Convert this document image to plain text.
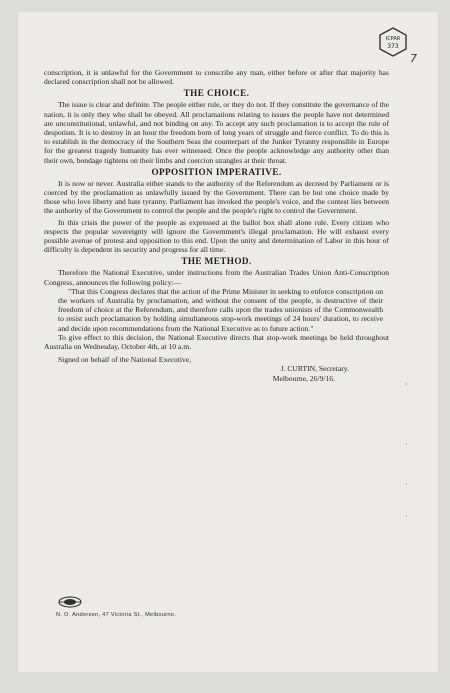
ICPAR
373
7

conscription, it is unlawful for the Government to conscribe any man, either before or after that majority has declared conscription shall not be allowed.

THE CHOICE.

The issue is clear and definite. The people either rule, or they do not. If they constitute the governance of the nation, it is only they who shall be obeyed. All proclamations relating to issues the people have not determined are unconstitutional, unlawful, and not binding on any. To accept any such proclamation is to accept the rule of despotism. It is to destroy in an hour the freedom born of long years of struggle and fierce conflict. To do this is to establish in the democracy of the Southern Seas the counterpart of the Junker Tyranny responsible in Europe for the greatest tragedy humanity has ever witnessed. Once the people acknowledge any authority other than their own, bondage tightens on their limbs and coercion strangles at their throat.

OPPOSITION IMPERATIVE.

It is now or never. Australia either stands to the authority of the Referendum as decreed by Parliament or is coerced by the proclamation as unlawfully issued by the Government. There can be but one choice made by those who love liberty and hate tyranny. Parliament has invoked the people's voice, and the contest lies between the authority of the Government to control the people and the people's right to control the Government.

In this crisis the power of the people as expressed at the ballot box shall alone rule. Every citizen who respects the popular sovereignty will ignore the Government's illegal proclamation. He will exhaust every possible avenue of protest and opposition to this end. Upon the unity and determination of Labor in this hour of difficulty is dependent its security and progress for all time.

THE METHOD.

Therefore the National Executive, under instructions from the Australian Trades Union Anti-Conscription Congress, announces the following policy:—

"That this Congress declares that the action of the Prime Minister in seeking to enforce conscription on the workers of Australia by proclamation, and without the consent of the people, is destructive of their freedom of choice at the Referendum, and therefore calls upon the trades unionists of the Commonwealth to resist such proclamation by holding simultaneous stop-work meetings of 24 hours' duration, to receive and decide upon recommendations from the National Executive as to future action."

To give effect to this decision, the National Executive directs that stop-work meetings be held throughout Australia on Wednesday, October 4th, at 10 a.m.

Signed on behalf of the National Executive,

J. CURTIN, Secretary.

Melbourne, 26/9/16.

N. O. Andersen, 47 Victoria St., Melbourne.
·
·
·
·
